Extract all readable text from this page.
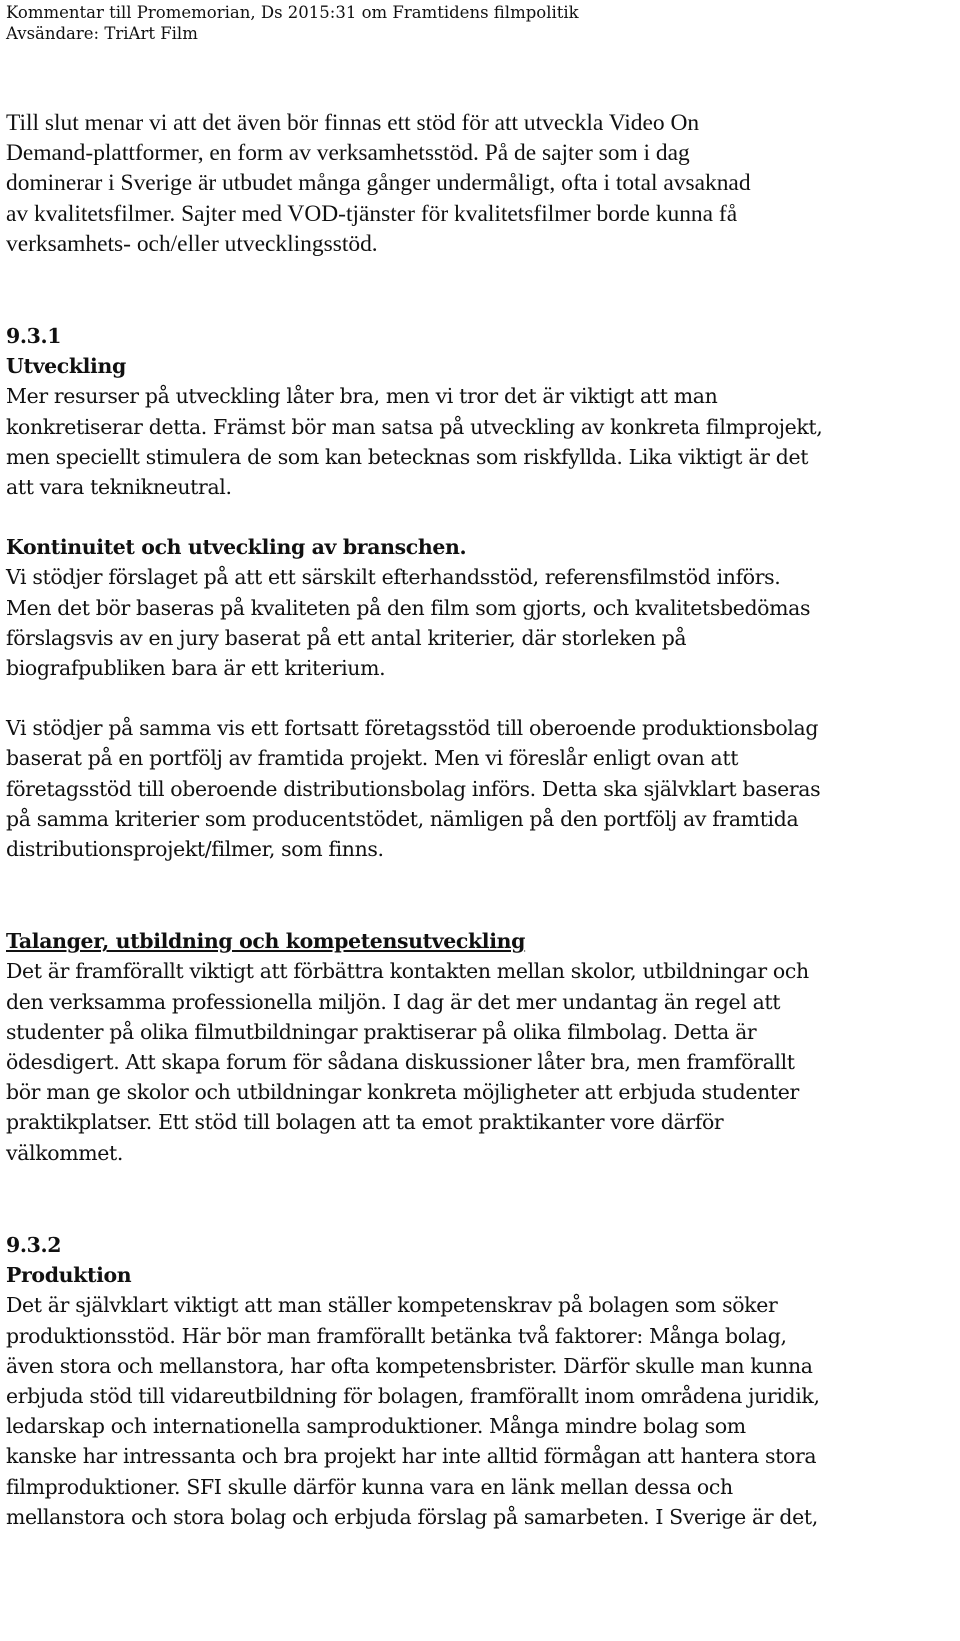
Kommentar till Promemorian, Ds 2015:31 om Framtidens filmpolitik
Avsändare: TriArt Film

Till slut menar vi att det även bör finnas ett stöd för att utveckla Video On
Demand-plattformer, en form av verksamhetsstöd. På de sajter som i dag
dominerar i Sverige är utbudet många gånger undermåligt, ofta i total avsaknad
av kvalitetsfilmer. Sajter med VOD-tjänster för kvalitetsfilmer borde kunna få
verksamhets- och/eller utvecklingsstöd.

9.3.1
Utveckling
Mer resurser på utveckling låter bra, men vi tror det är viktigt att man
konkretiserar detta. Främst bör man satsa på utveckling av konkreta filmprojekt,
men speciellt stimulera de som kan betecknas som riskfyllda. Lika viktigt är det
att vara teknikneutral.

Kontinuitet och utveckling av branschen.
Vi stödjer förslaget på att ett särskilt efterhandsstöd, referensfilmstöd införs.
Men det bör baseras på kvaliteten på den film som gjorts, och kvalitetsbedömas
förslagsvis av en jury baserat på ett antal kriterier, där storleken på
biografpubliken bara är ett kriterium.

Vi stödjer på samma vis ett fortsatt företagsstöd till oberoende produktionsbolag
baserat på en portfölj av framtida projekt. Men vi föreslår enligt ovan att
företagsstöd till oberoende distributionsbolag införs. Detta ska självklart baseras
på samma kriterier som producentstödet, nämligen på den portfölj av framtida
distributionsprojekt/filmer, som finns.

Talanger, utbildning och kompetensutveckling
Det är framförallt viktigt att förbättra kontakten mellan skolor, utbildningar och
den verksamma professionella miljön. I dag är det mer undantag än regel att
studenter på olika filmutbildningar praktiserar på olika filmbolag. Detta är
ödesdigert. Att skapa forum för sådana diskussioner låter bra, men framförallt
bör man ge skolor och utbildningar konkreta möjligheter att erbjuda studenter
praktikplatser. Ett stöd till bolagen att ta emot praktikanter vore därför
välkommet.

9.3.2
Produktion
Det är självklart viktigt att man ställer kompetenskrav på bolagen som söker
produktionsstöd. Här bör man framförallt betänka två faktorer: Många bolag,
även stora och mellanstora, har ofta kompetensbrister. Därför skulle man kunna
erbjuda stöd till vidareutbildning för bolagen, framförallt inom områdena juridik,
ledarskap och internationella samproduktioner. Många mindre bolag som
kanske har intressanta och bra projekt har inte alltid förmågan att hantera stora
filmproduktioner. SFI skulle därför kunna vara en länk mellan dessa och
mellanstora och stora bolag och erbjuda förslag på samarbeten. I Sverige är det,
